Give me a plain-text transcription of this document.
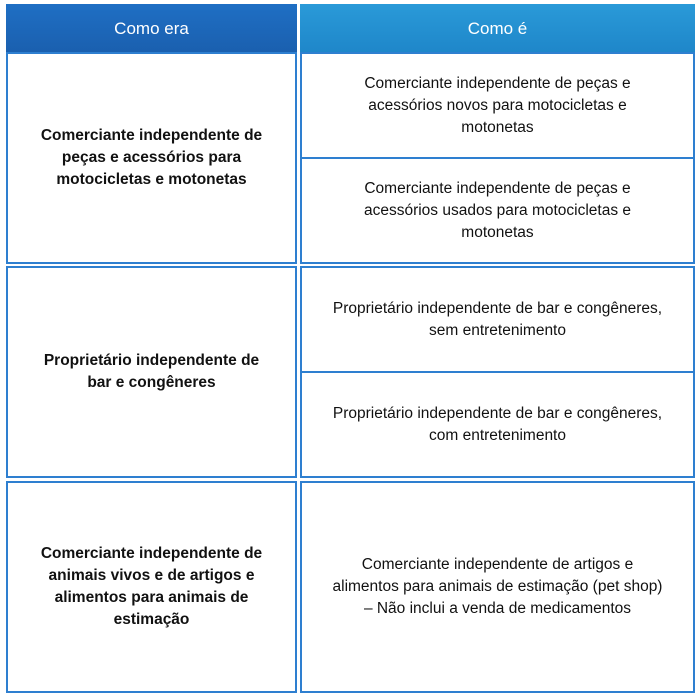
Como era	Como é
Comerciante independente de peças e acessórios para motocicletas e motonetas
Comerciante independente de peças e acessórios novos para motocicletas e motonetas
Comerciante independente de peças e acessórios usados para motocicletas e motonetas
Proprietário independente de bar e congêneres
Proprietário independente de bar e congêneres, sem entretenimento
Proprietário independente de bar e congêneres, com entretenimento
Comerciante independente de animais vivos e de artigos e alimentos para animais de estimação
Comerciante independente de artigos e alimentos para animais de estimação (pet shop) – Não inclui a venda de medicamentos
